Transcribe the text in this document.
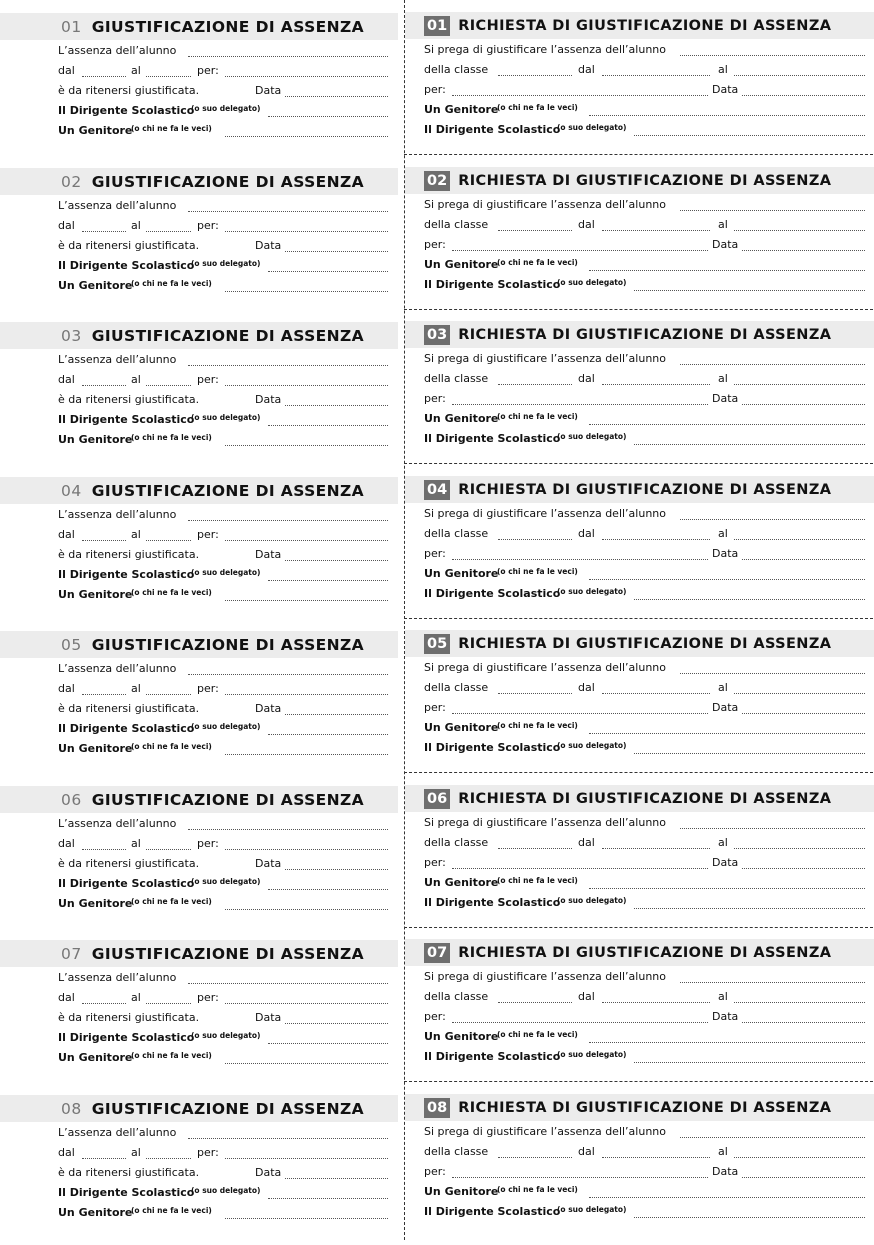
01 GIUSTIFICAZIONE DI ASSENZA
L’assenza dell’alunno
dal	al	per:
è da ritenersi giustificata.	Data
Il Dirigente Scolastico
(o suo delegato)
Un Genitore
(o chi ne fa le veci)
01 RICHIESTA DI GIUSTIFICAZIONE DI ASSENZA
Si prega di giustificare l’assenza dell’alunno
della classe	dal	al
per:	Data
Un Genitore
(o chi ne fa le veci)
Il Dirigente Scolastico
(o suo delegato)
02 GIUSTIFICAZIONE DI ASSENZA
L’assenza dell’alunno
dal	al	per:
è da ritenersi giustificata.	Data
Il Dirigente Scolastico
(o suo delegato)
Un Genitore
(o chi ne fa le veci)
02 RICHIESTA DI GIUSTIFICAZIONE DI ASSENZA
Si prega di giustificare l’assenza dell’alunno
della classe	dal	al
per:	Data
Un Genitore
(o chi ne fa le veci)
Il Dirigente Scolastico
(o suo delegato)
03 GIUSTIFICAZIONE DI ASSENZA
L’assenza dell’alunno
dal	al	per:
è da ritenersi giustificata.	Data
Il Dirigente Scolastico
(o suo delegato)
Un Genitore
(o chi ne fa le veci)
03 RICHIESTA DI GIUSTIFICAZIONE DI ASSENZA
Si prega di giustificare l’assenza dell’alunno
della classe	dal	al
per:	Data
Un Genitore
(o chi ne fa le veci)
Il Dirigente Scolastico
(o suo delegato)
04 GIUSTIFICAZIONE DI ASSENZA
L’assenza dell’alunno
dal	al	per:
è da ritenersi giustificata.	Data
Il Dirigente Scolastico
(o suo delegato)
Un Genitore
(o chi ne fa le veci)
04 RICHIESTA DI GIUSTIFICAZIONE DI ASSENZA
Si prega di giustificare l’assenza dell’alunno
della classe	dal	al
per:	Data
Un Genitore
(o chi ne fa le veci)
Il Dirigente Scolastico
(o suo delegato)
05 GIUSTIFICAZIONE DI ASSENZA
L’assenza dell’alunno
dal	al	per:
è da ritenersi giustificata.	Data
Il Dirigente Scolastico
(o suo delegato)
Un Genitore
(o chi ne fa le veci)
05 RICHIESTA DI GIUSTIFICAZIONE DI ASSENZA
Si prega di giustificare l’assenza dell’alunno
della classe	dal	al
per:	Data
Un Genitore
(o chi ne fa le veci)
Il Dirigente Scolastico
(o suo delegato)
06 GIUSTIFICAZIONE DI ASSENZA
L’assenza dell’alunno
dal	al	per:
è da ritenersi giustificata.	Data
Il Dirigente Scolastico
(o suo delegato)
Un Genitore
(o chi ne fa le veci)
06 RICHIESTA DI GIUSTIFICAZIONE DI ASSENZA
Si prega di giustificare l’assenza dell’alunno
della classe	dal	al
per:	Data
Un Genitore
(o chi ne fa le veci)
Il Dirigente Scolastico
(o suo delegato)
07 GIUSTIFICAZIONE DI ASSENZA
L’assenza dell’alunno
dal	al	per:
è da ritenersi giustificata.	Data
Il Dirigente Scolastico
(o suo delegato)
Un Genitore
(o chi ne fa le veci)
07 RICHIESTA DI GIUSTIFICAZIONE DI ASSENZA
Si prega di giustificare l’assenza dell’alunno
della classe	dal	al
per:	Data
Un Genitore
(o chi ne fa le veci)
Il Dirigente Scolastico
(o suo delegato)
08 GIUSTIFICAZIONE DI ASSENZA
L’assenza dell’alunno
dal	al	per:
è da ritenersi giustificata.	Data
Il Dirigente Scolastico
(o suo delegato)
Un Genitore
(o chi ne fa le veci)
08 RICHIESTA DI GIUSTIFICAZIONE DI ASSENZA
Si prega di giustificare l’assenza dell’alunno
della classe	dal	al
per:	Data
Un Genitore
(o chi ne fa le veci)
Il Dirigente Scolastico
(o suo delegato)
